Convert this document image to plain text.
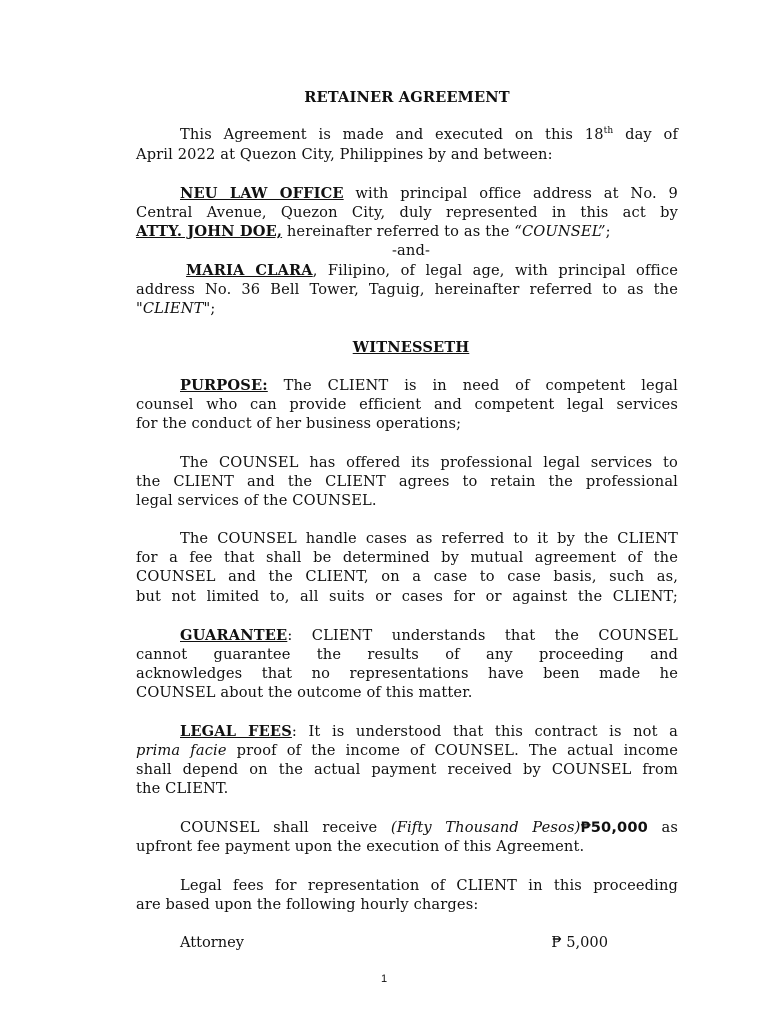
RETAINER AGREEMENT
This Agreement is made and executed on this 18th day of
April 2022 at Quezon City, Philippines by and between:
NEU LAW OFFICE with principal office address at No. 9
Central Avenue, Quezon City, duly represented in this act by
ATTY. JOHN DOE, hereinafter referred to as the “COUNSEL”;
-and-
MARIA CLARA, Filipino, of legal age, with principal office
address No. 36 Bell Tower, Taguig, hereinafter referred to as the
"CLIENT";
WITNESSETH
PURPOSE: The CLIENT is in need of competent legal
counsel who can provide efficient and competent legal services
for the conduct of her business operations;
The COUNSEL has offered its professional legal services to
the CLIENT and the CLIENT agrees to retain the professional
legal services of the COUNSEL.
The COUNSEL handle cases as referred to it by the CLIENT
for a fee that shall be determined by mutual agreement of the
COUNSEL and the CLIENT, on a case to case basis, such as,
but not limited to, all suits or cases for or against the CLIENT;
GUARANTEE: CLIENT understands that the COUNSEL
cannot guarantee the results of any proceeding and
acknowledges that no representations have been made he
COUNSEL about the outcome of this matter.
LEGAL FEES: It is understood that this contract is not a
prima facie proof of the income of COUNSEL. The actual income
shall depend on the actual payment received by COUNSEL from
the CLIENT.
COUNSEL shall receive (Fifty Thousand Pesos)₱50,000 as
upfront fee payment upon the execution of this Agreement.
Legal fees for representation of CLIENT in this proceeding
are based upon the following hourly charges:
Attorney	₱ 5,000
1
